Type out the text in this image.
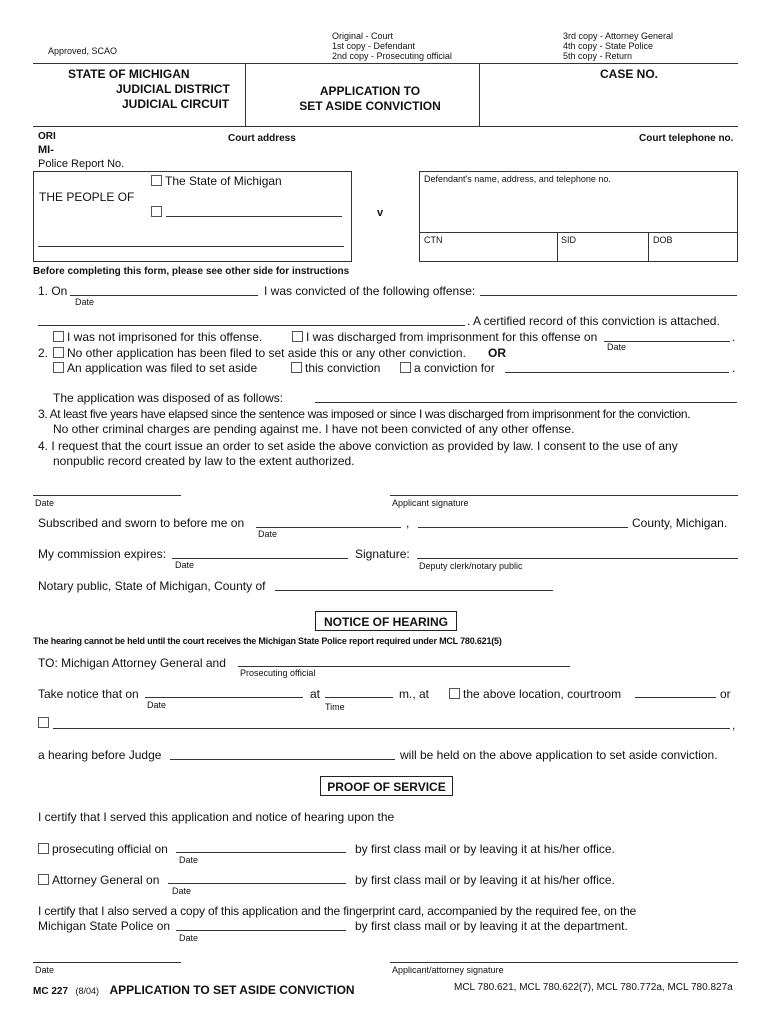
Approved, SCAO
Original - Court
1st copy - Defendant
2nd copy - Prosecuting official
3rd copy - Attorney General
4th copy - State Police
5th copy - Return
STATE OF MICHIGAN
JUDICIAL DISTRICT
JUDICIAL CIRCUIT
APPLICATION TO
SET ASIDE CONVICTION
CASE NO.
ORI
MI-
Court address	Court telephone no.
Police Report No.
THE PEOPLE OF
The State of Michigan
v
Defendant's name, address, and telephone no.
CTN	SID	DOB
Before completing this form, please see other side for instructions
1. On
Date
I was convicted of the following offense:
. A certified record of this conviction is attached.
I was not imprisoned for this offense.	I was discharged from imprisonment for this offense on	.
Date
2.	No other application has been filed to set aside this or any other conviction. OR
An application was filed to set aside	this conviction	a conviction for	.
The application was disposed of as follows:
3. At least five years have elapsed since the sentence was imposed or since I was discharged from imprisonment for the conviction.
No other criminal charges are pending against me. I have not been convicted of any other offense.
4. I request that the court issue an order to set aside the above conviction as provided by law. I consent to the use of any
nonpublic record created by law to the extent authorized.
Date	Applicant signature
Subscribed and sworn to before me on
Date
,	County, Michigan.
My commission expires:
Date
Signature:
Deputy clerk/notary public
Notary public, State of Michigan, County of
NOTICE OF HEARING
The hearing cannot be held until the court receives the Michigan State Police report required under MCL 780.621(5)
TO: Michigan Attorney General and
Prosecuting official
Take notice that on
Date
at
Time
m., at	the above location, courtroom	or
,
a hearing before Judge	will be held on the above application to set aside conviction.
PROOF OF SERVICE
I certify that I served this application and notice of hearing upon the
prosecuting official on
Date
by first class mail or by leaving it at his/her office.
Attorney General on
Date
by first class mail or by leaving it at his/her office.
I certify that I also served a copy of this application and the fingerprint card, accompanied by the required fee, on the
Michigan State Police on
Date
by first class mail or by leaving it at the department.
Date	Applicant/attorney signature
MC 227 (8/04) APPLICATION TO SET ASIDE CONVICTION	MCL 780.621, MCL 780.622(7), MCL 780.772a, MCL 780.827a
